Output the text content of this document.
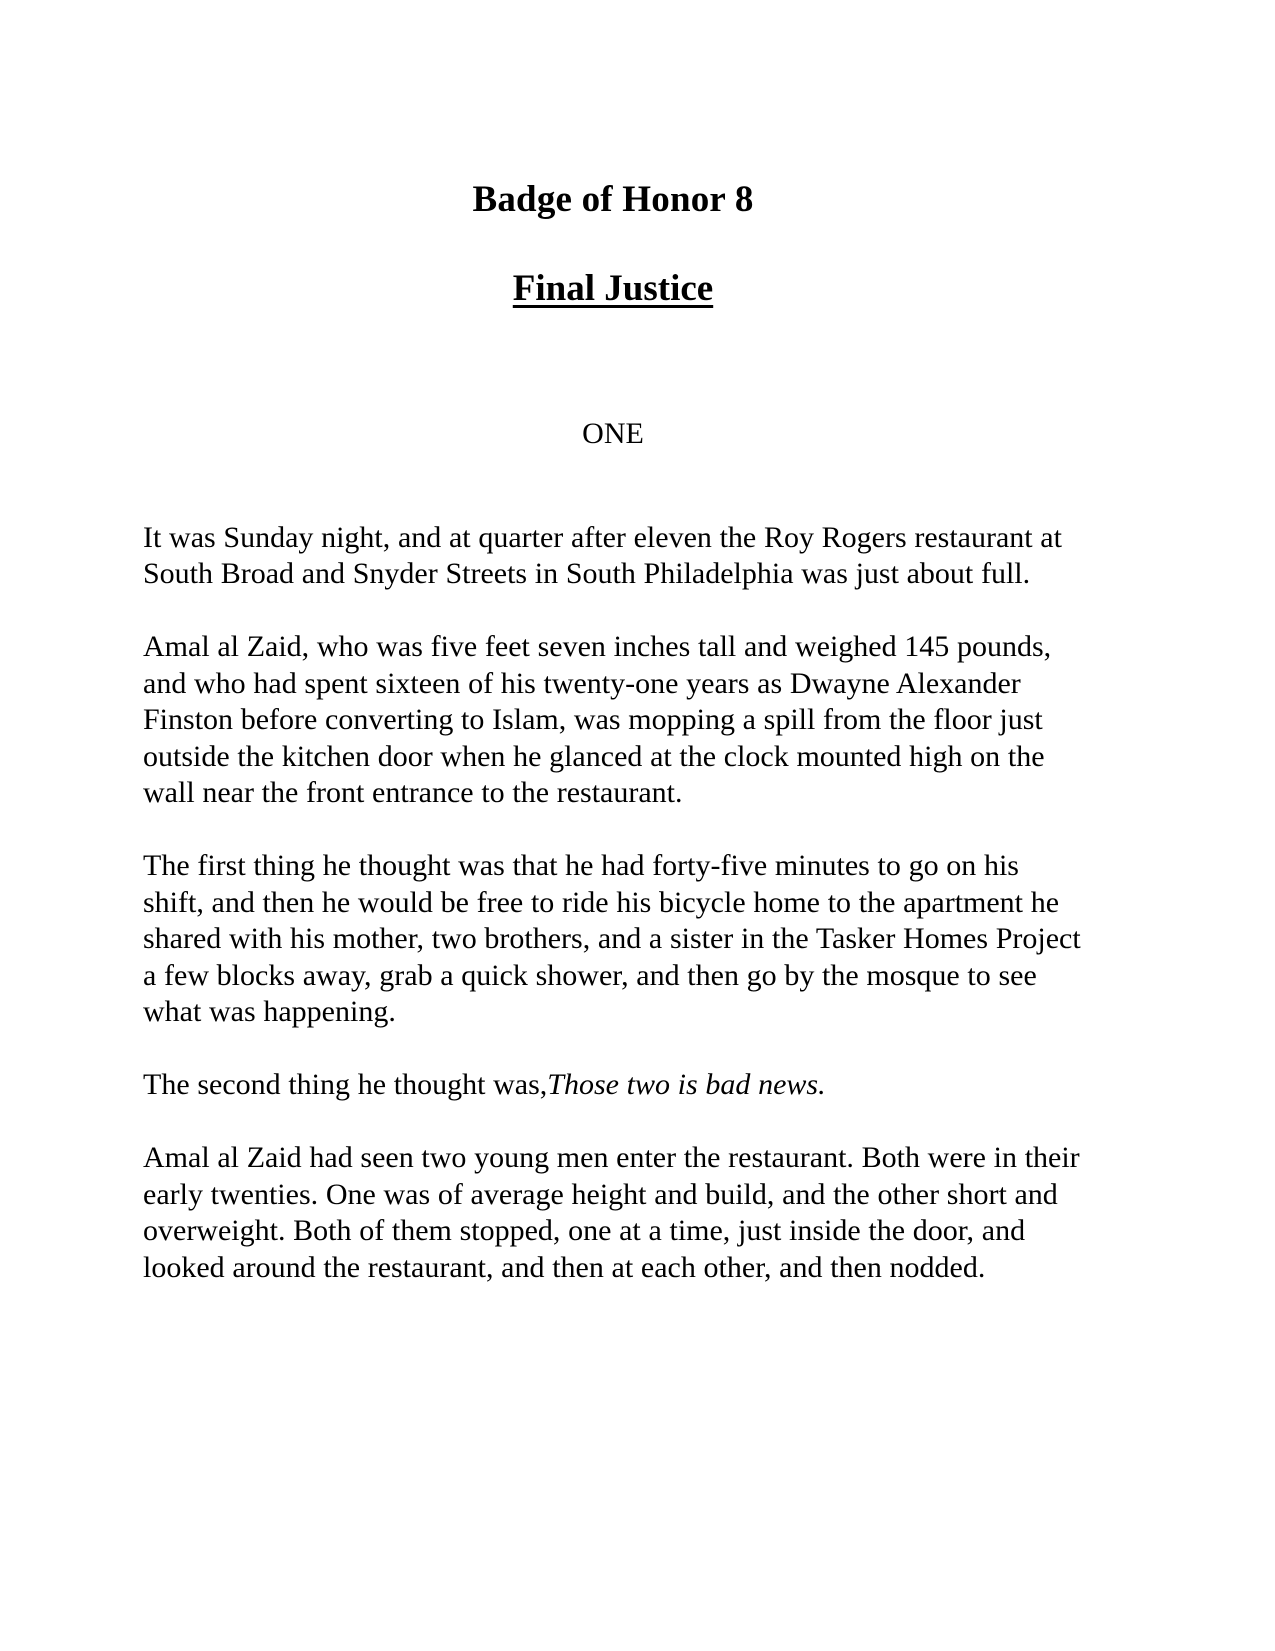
Badge of Honor 8
Final Justice
ONE

It was Sunday night, and at quarter after eleven the Roy Rogers restaurant at South Broad and Snyder Streets in South Philadelphia was just about full.

Amal al Zaid, who was five feet seven inches tall and weighed 145 pounds, and who had spent sixteen of his twenty-one years as Dwayne Alexander Finston before converting to Islam, was mopping a spill from the floor just outside the kitchen door when he glanced at the clock mounted high on the wall near the front entrance to the restaurant.

The first thing he thought was that he had forty-five minutes to go on his shift, and then he would be free to ride his bicycle home to the apartment he shared with his mother, two brothers, and a sister in the Tasker Homes Project a few blocks away, grab a quick shower, and then go by the mosque to see what was happening.

The second thing he thought was,Those two is bad news.

Amal al Zaid had seen two young men enter the restaurant. Both were in their early twenties. One was of average height and build, and the other short and overweight. Both of them stopped, one at a time, just inside the door, and looked around the restaurant, and then at each other, and then nodded.
